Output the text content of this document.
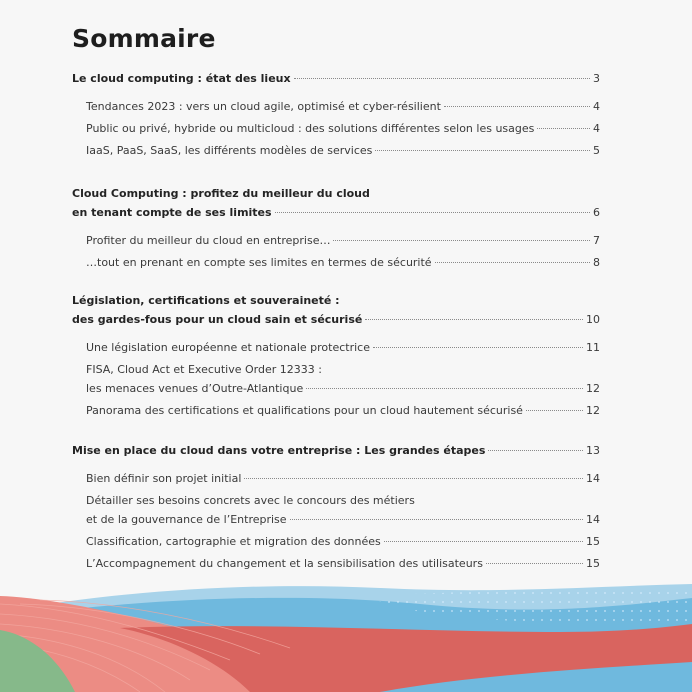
Sommaire
Le cloud computing : état des lieux	3
Tendances 2023 : vers un cloud agile, optimisé et cyber-résilient	4
Public ou privé, hybride ou multicloud : des solutions différentes selon les usages	4
IaaS, PaaS, SaaS, les différents modèles de services	5
Cloud Computing : profitez du meilleur du cloud
en tenant compte de ses limites	6
Profiter du meilleur du cloud en entreprise…	7
…tout en prenant en compte ses limites en termes de sécurité	8
Législation, certifications et souveraineté :
des gardes-fous pour un cloud sain et sécurisé	10
Une législation européenne et nationale protectrice	11
FISA, Cloud Act et Executive Order 12333 :
les menaces venues d’Outre-Atlantique	12
Panorama des certifications et qualifications pour un cloud hautement sécurisé	12
Mise en place du cloud dans votre entreprise : Les grandes étapes	13
Bien définir son projet initial	14
Détailler ses besoins concrets avec le concours des métiers
et de la gouvernance de l’Entreprise	14
Classification, cartographie et migration des données	15
L’Accompagnement du changement et la sensibilisation des utilisateurs	15
